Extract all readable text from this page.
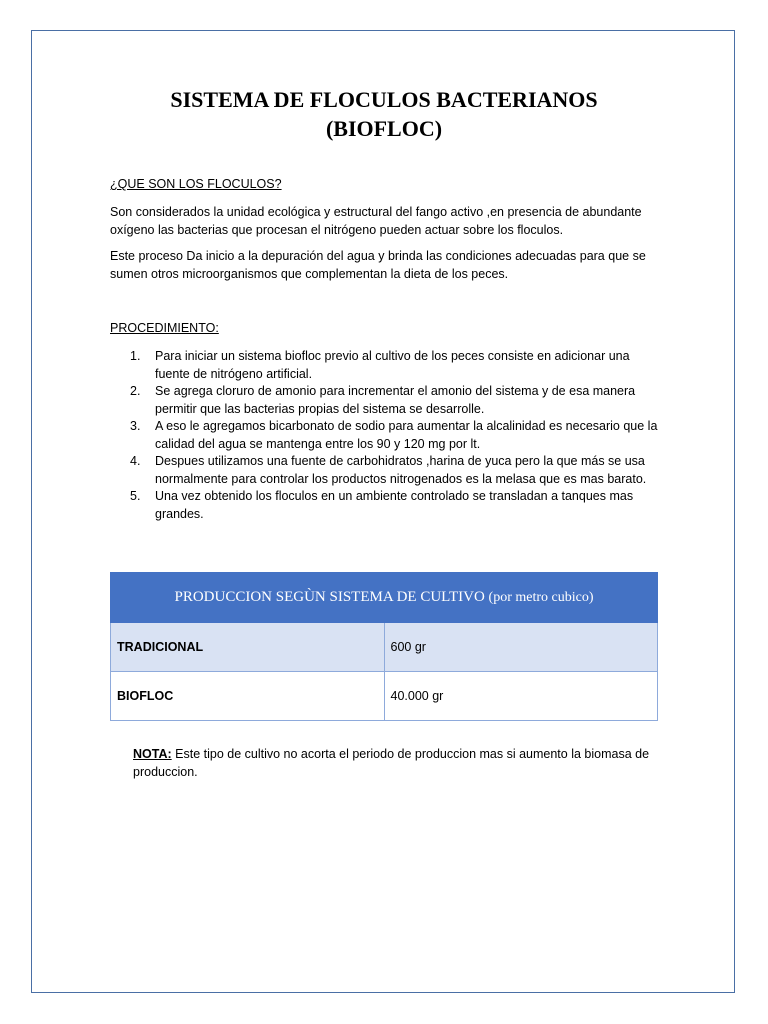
SISTEMA DE FLOCULOS BACTERIANOS
(BIOFLOC)
¿QUE SON LOS FLOCULOS?

Son considerados la unidad ecológica y estructural del fango activo ,en presencia de abundante oxígeno las bacterias que procesan el nitrógeno pueden actuar sobre los floculos.

Este proceso Da inicio a la depuración del agua y brinda las condiciones adecuadas para que se sumen otros microorganismos que complementan la dieta de los peces.

PROCEDIMIENTO:
1. Para iniciar un sistema biofloc previo al cultivo de los peces consiste en adicionar una fuente de nitrógeno artificial.
2. Se agrega cloruro de amonio para incrementar el amonio del sistema y de esa manera permitir que las bacterias propias del sistema se desarrolle.
3. A eso le agregamos bicarbonato de sodio para aumentar la alcalinidad es necesario que la calidad del agua se mantenga entre los 90 y 120 mg por lt.
4. Despues utilizamos una fuente de carbohidratos ,harina de yuca pero la que más se usa normalmente para controlar los productos nitrogenados es la melasa que es mas barato.
5. Una vez obtenido los floculos en un ambiente controlado se transladan a tanques mas grandes.
PRODUCCION SEGÙN SISTEMA DE CULTIVO (por metro cubico)	
TRADICIONAL	600 gr
BIOFLOC	40.000 gr

NOTA: Este tipo de cultivo no acorta el periodo de produccion mas si aumento la biomasa de produccion.
